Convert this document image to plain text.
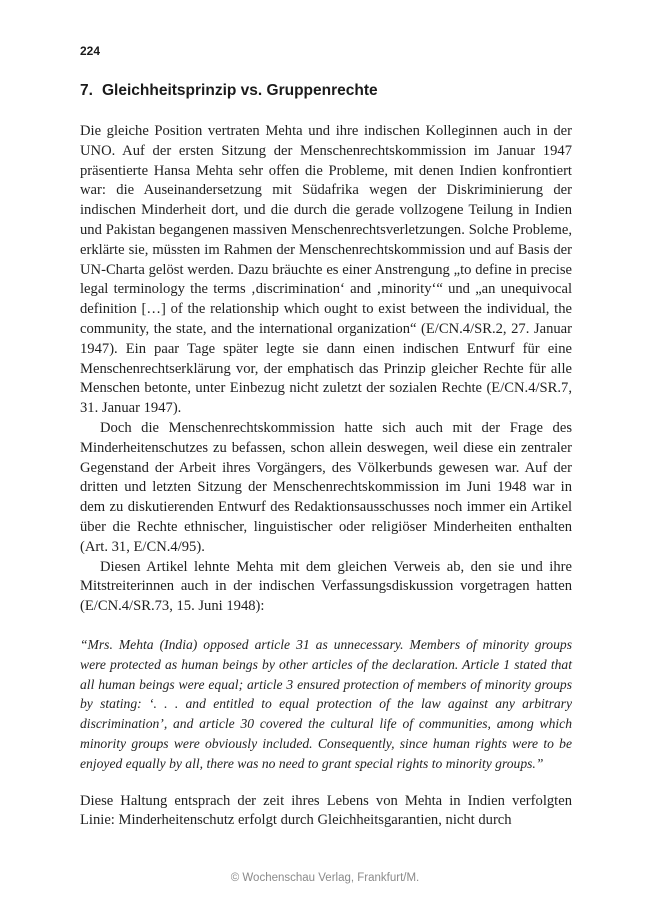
224
7. Gleichheitsprinzip vs. Gruppenrechte

Die gleiche Position vertraten Mehta und ihre indischen Kolleginnen auch in der UNO. Auf der ersten Sitzung der Menschenrechtskommission im Januar 1947 präsentierte Hansa Mehta sehr offen die Probleme, mit denen Indien konfrontiert war: die Auseinandersetzung mit Südafrika wegen der Diskriminierung der indischen Minderheit dort, und die durch die gerade vollzogene Teilung in Indien und Pakistan begangenen massiven Menschenrechtsverletzungen. Solche Probleme, erklärte sie, müssten im Rahmen der Menschenrechtskommission und auf Basis der UN-Charta gelöst werden. Dazu bräuchte es einer Anstrengung „to define in precise legal terminology the terms ‚discrimination‘ and ‚minority‘“ und „an unequivocal definition […] of the relationship which ought to exist between the individual, the community, the state, and the international organization“ (E/CN.4/SR.2, 27. Januar 1947). Ein paar Tage später legte sie dann einen indischen Entwurf für eine Menschenrechtserklärung vor, der emphatisch das Prinzip gleicher Rechte für alle Menschen betonte, unter Einbezug nicht zuletzt der sozialen Rechte (E/CN.4/SR.7, 31. Januar 1947).

Doch die Menschenrechtskommission hatte sich auch mit der Frage des Minderheitenschutzes zu befassen, schon allein deswegen, weil diese ein zentraler Gegenstand der Arbeit ihres Vorgängers, des Völkerbunds gewesen war. Auf der dritten und letzten Sitzung der Menschenrechtskommission im Juni 1948 war in dem zu diskutierenden Entwurf des Redaktionsausschusses noch immer ein Artikel über die Rechte ethnischer, linguistischer oder religiöser Minderheiten enthalten (Art. 31, E/CN.4/95).

Diesen Artikel lehnte Mehta mit dem gleichen Verweis ab, den sie und ihre Mitstreiterinnen auch in der indischen Verfassungsdiskussion vorgetragen hatten (E/CN.4/SR.73, 15. Juni 1948):

“Mrs. Mehta (India) opposed article 31 as unnecessary. Members of minority groups were protected as human beings by other articles of the declaration. Article 1 stated that all human beings were equal; article 3 ensured protection of members of minority groups by stating: ‘. . . and entitled to equal protection of the law against any arbitrary discrimination’, and article 30 covered the cultural life of communities, among which minority groups were obviously included. Consequently, since human rights were to be enjoyed equally by all, there was no need to grant special rights to minority groups.”

Diese Haltung entsprach der zeit ihres Lebens von Mehta in Indien verfolgten Linie: Minderheitenschutz erfolgt durch Gleichheitsgarantien, nicht durch

© Wochenschau Verlag, Frankfurt/M.
